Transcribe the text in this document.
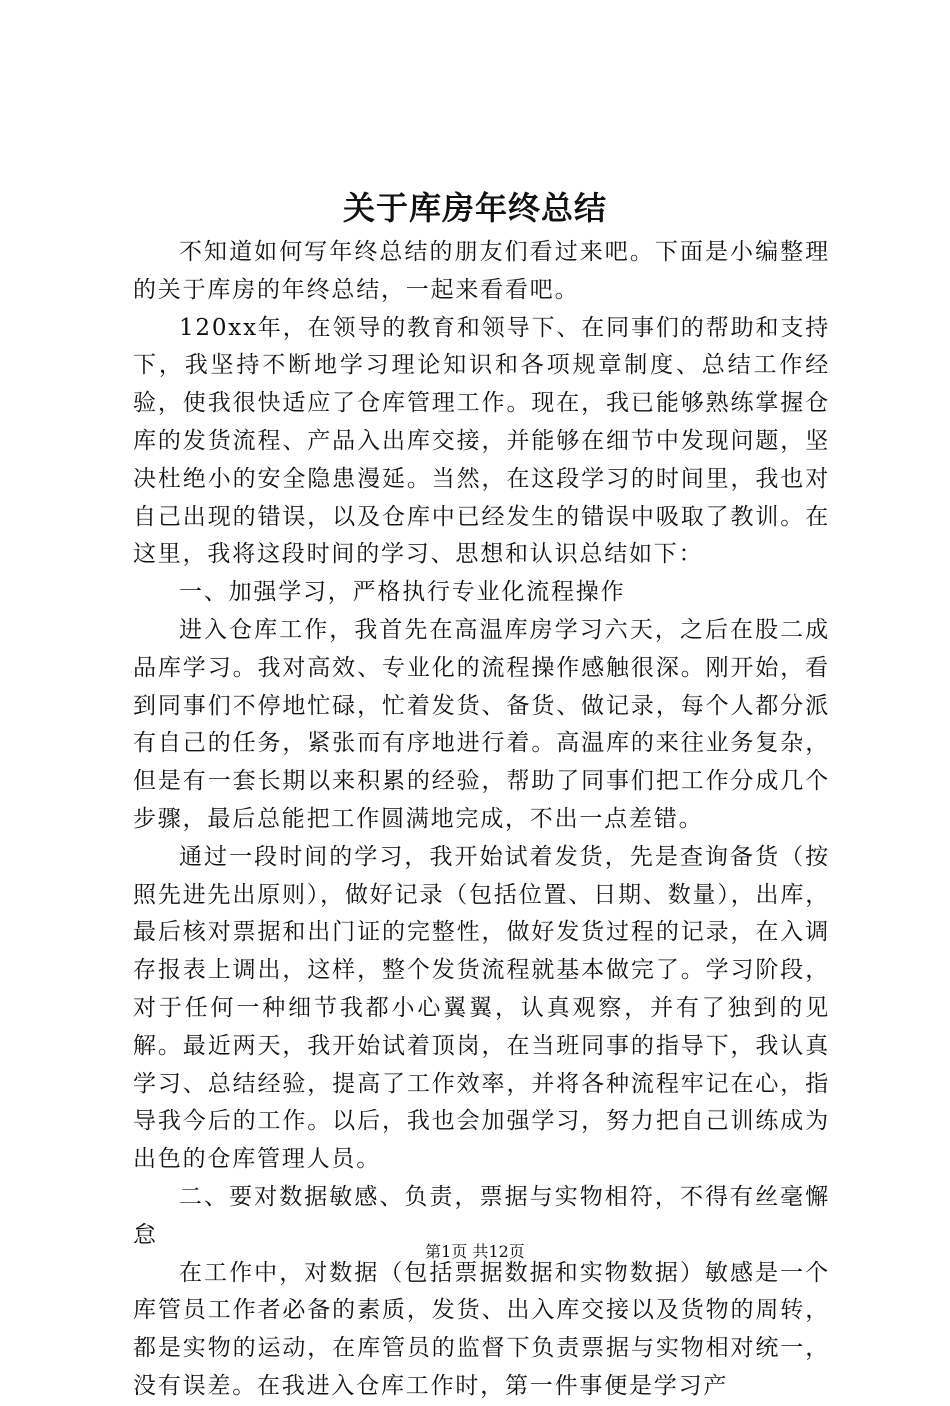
关于库房年终总结

不知道如何写年终总结的朋友们看过来吧。下面是小编整理的关于库房的年终总结，一起来看看吧。

120xx年，在领导的教育和领导下、在同事们的帮助和支持下，我坚持不断地学习理论知识和各项规章制度、总结工作经验，使我很快适应了仓库管理工作。现在，我已能够熟练掌握仓库的发货流程、产品入出库交接，并能够在细节中发现问题，坚决杜绝小的安全隐患漫延。当然，在这段学习的时间里，我也对自己出现的错误，以及仓库中已经发生的错误中吸取了教训。在这里，我将这段时间的学习、思想和认识总结如下：

一、加强学习，严格执行专业化流程操作

进入仓库工作，我首先在高温库房学习六天，之后在股二成品库学习。我对高效、专业化的流程操作感触很深。刚开始，看到同事们不停地忙碌，忙着发货、备货、做记录，每个人都分派有自己的任务，紧张而有序地进行着。高温库的来往业务复杂，但是有一套长期以来积累的经验，帮助了同事们把工作分成几个步骤，最后总能把工作圆满地完成，不出一点差错。

通过一段时间的学习，我开始试着发货，先是查询备货（按照先进先出原则），做好记录（包括位置、日期、数量），出库，最后核对票据和出门证的完整性，做好发货过程的记录，在入调存报表上调出，这样，整个发货流程就基本做完了。学习阶段，对于任何一种细节我都小心翼翼，认真观察，并有了独到的见解。最近两天，我开始试着顶岗，在当班同事的指导下，我认真学习、总结经验，提高了工作效率，并将各种流程牢记在心，指导我今后的工作。以后，我也会加强学习，努力把自己训练成为出色的仓库管理人员。

二、要对数据敏感、负责，票据与实物相符，不得有丝毫懈怠

在工作中，对数据（包括票据数据和实物数据）敏感是一个库管员工作者必备的素质，发货、出入库交接以及货物的周转，都是实物的运动，在库管员的监督下负责票据与实物相对统一，没有误差。在我进入仓库工作时，第一件事便是学习产

第1页 共12页
